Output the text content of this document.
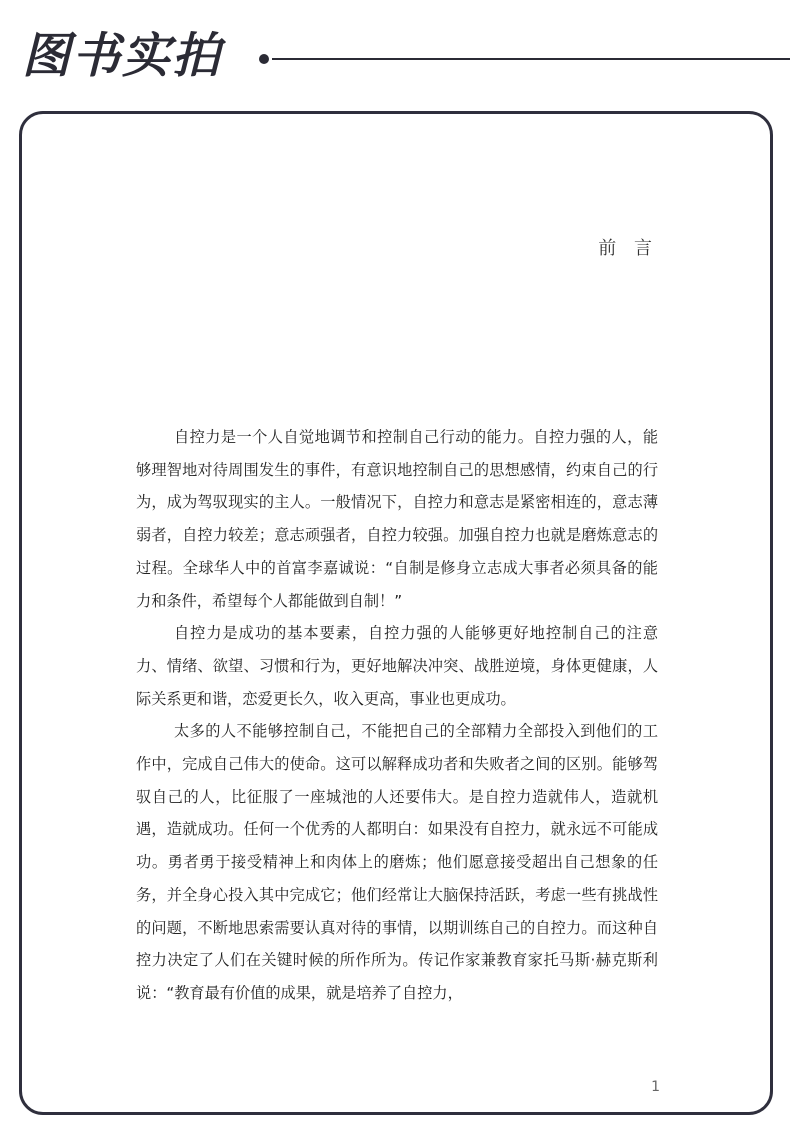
图书实拍
前 言

自控力是一个人自觉地调节和控制自己行动的能力。自控力强的人，能够理智地对待周围发生的事件，有意识地控制自己的思想感情，约束自己的行为，成为驾驭现实的主人。一般情况下，自控力和意志是紧密相连的，意志薄弱者，自控力较差；意志顽强者，自控力较强。加强自控力也就是磨炼意志的过程。全球华人中的首富李嘉诚说：“自制是修身立志成大事者必须具备的能力和条件，希望每个人都能做到自制！”

自控力是成功的基本要素，自控力强的人能够更好地控制自己的注意力、情绪、欲望、习惯和行为，更好地解决冲突、战胜逆境，身体更健康，人际关系更和谐，恋爱更长久，收入更高，事业也更成功。

太多的人不能够控制自己，不能把自己的全部精力全部投入到他们的工作中，完成自己伟大的使命。这可以解释成功者和失败者之间的区别。能够驾驭自己的人，比征服了一座城池的人还要伟大。是自控力造就伟人，造就机遇，造就成功。任何一个优秀的人都明白：如果没有自控力，就永远不可能成功。勇者勇于接受精神上和肉体上的磨炼；他们愿意接受超出自己想象的任务，并全身心投入其中完成它；他们经常让大脑保持活跃，考虑一些有挑战性的问题，不断地思索需要认真对待的事情，以期训练自己的自控力。而这种自控力决定了人们在关键时候的所作所为。传记作家兼教育家托马斯·赫克斯利说：“教育最有价值的成果，就是培养了自控力，

1
